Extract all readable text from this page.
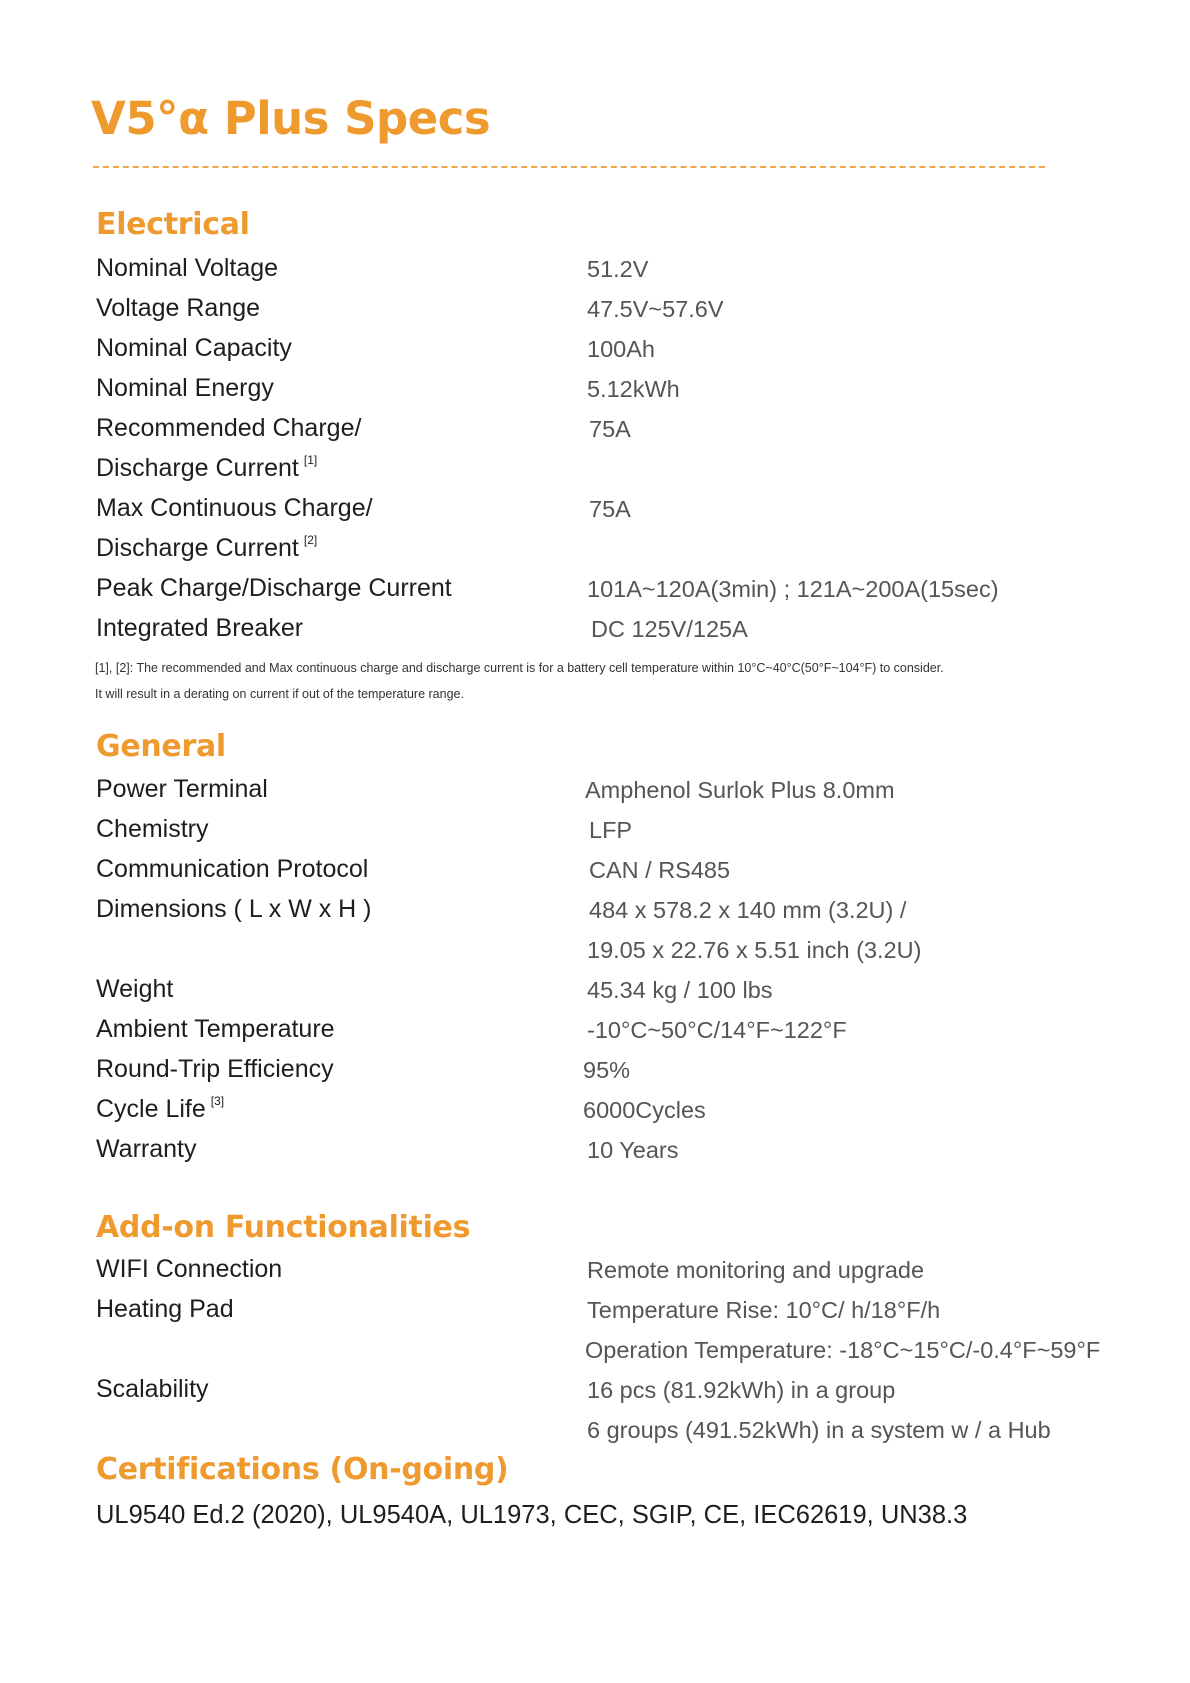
V5°α Plus Specs
Electrical
Nominal Voltage	51.2V
Voltage Range	47.5V~57.6V
Nominal Capacity	100Ah
Nominal Energy	5.12kWh
Recommended Charge/	75A
Discharge Current [1]
Max Continuous Charge/	75A
Discharge Current [2]
Peak Charge/Discharge Current	101A~120A(3min) ; 121A~200A(15sec)
Integrated Breaker	DC 125V/125A
[1], [2]: The recommended and Max continuous charge and discharge current is for a battery cell temperature within 10°C~40°C(50°F~104°F) to consider.
It will result in a derating on current if out of the temperature range.
General
Power Terminal	Amphenol Surlok Plus 8.0mm
Chemistry	LFP
Communication Protocol	CAN / RS485
Dimensions ( L x W x H )	484 x 578.2 x 140 mm (3.2U) /
19.05 x 22.76 x 5.51 inch (3.2U)
Weight	45.34 kg / 100 lbs
Ambient Temperature	-10°C~50°C/14°F~122°F
Round-Trip Efficiency	95%
Cycle Life [3]	6000Cycles
Warranty	10 Years
Add-on Functionalities
WIFI Connection	Remote monitoring and upgrade
Heating Pad	Temperature Rise: 10°C/ h/18°F/h
Operation Temperature: -18°C~15°C/-0.4°F~59°F
Scalability	16 pcs (81.92kWh) in a group
6 groups (491.52kWh) in a system w / a Hub
Certifications (On-going)
UL9540 Ed.2 (2020), UL9540A, UL1973, CEC, SGIP, CE, IEC62619, UN38.3
